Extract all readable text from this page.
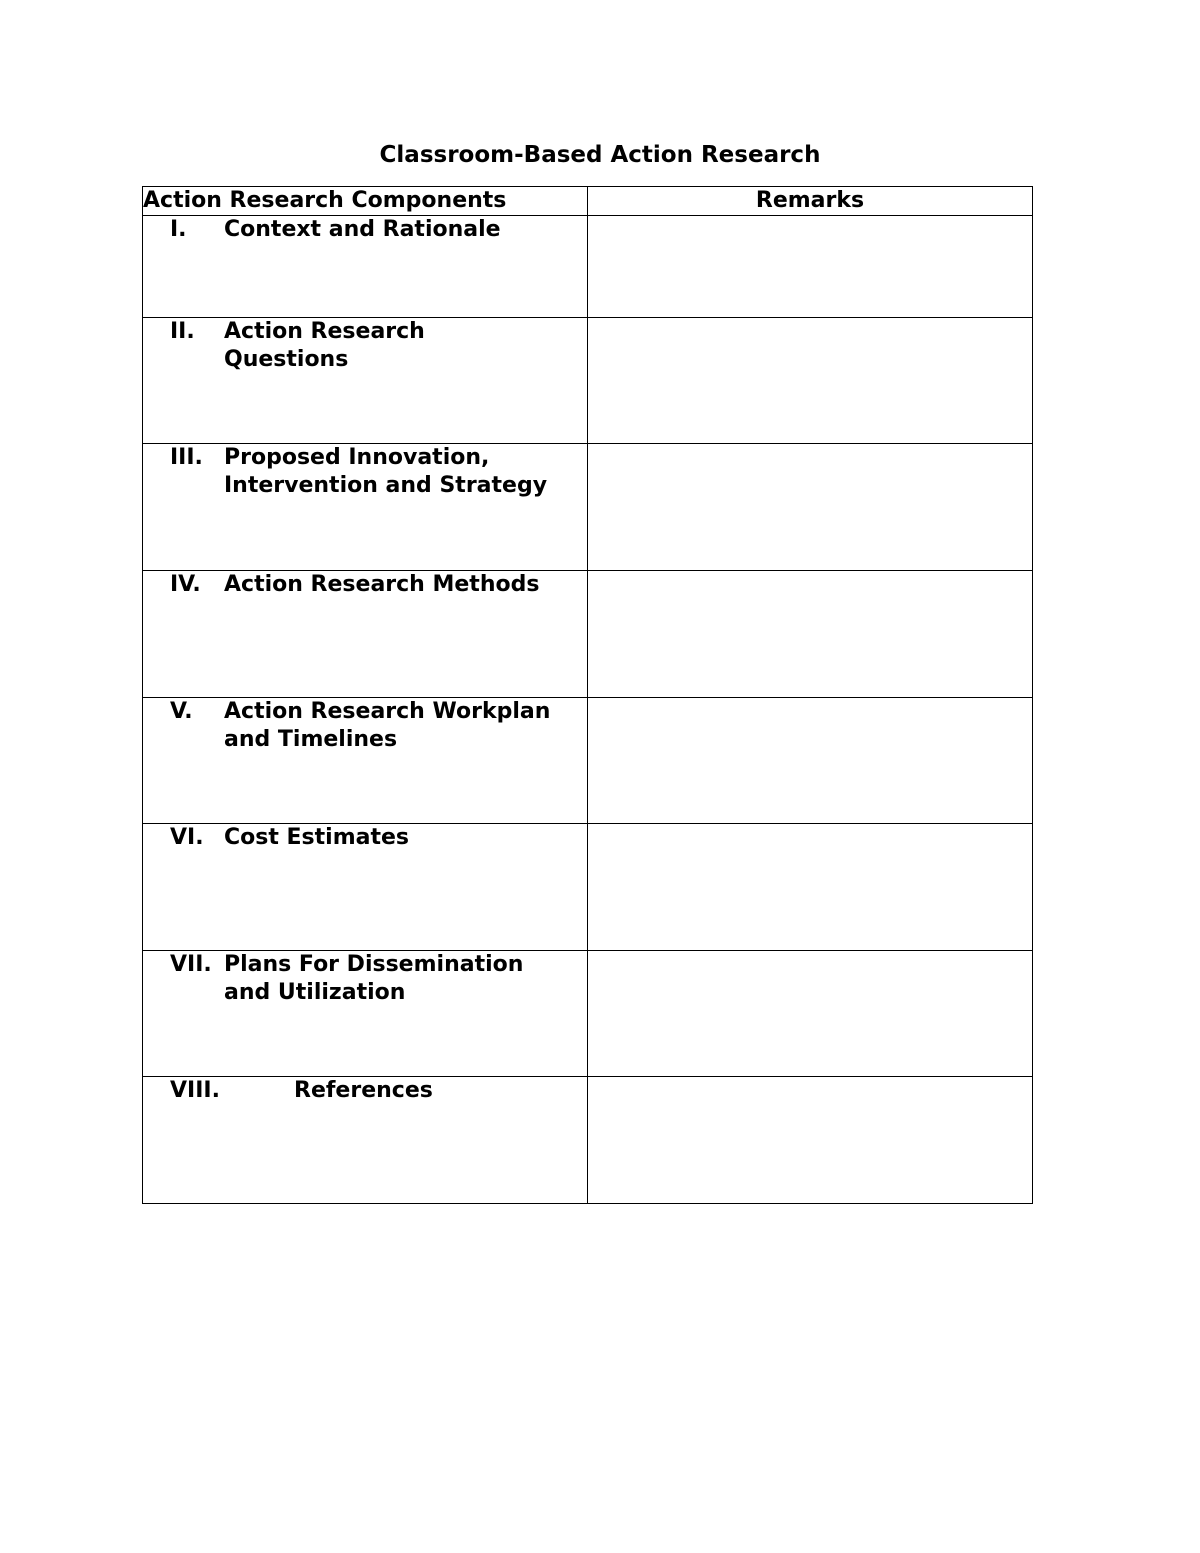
Classroom-Based Action Research
Action Research Components	Remarks

I. Context and Rationale	

II. Action Research Questions	

III. Proposed Innovation, Intervention and Strategy	

IV. Action Research Methods	

V. Action Research Workplan and Timelines	

VI. Cost Estimates	

VII. Plans For Dissemination and Utilization	

VIII. References	
